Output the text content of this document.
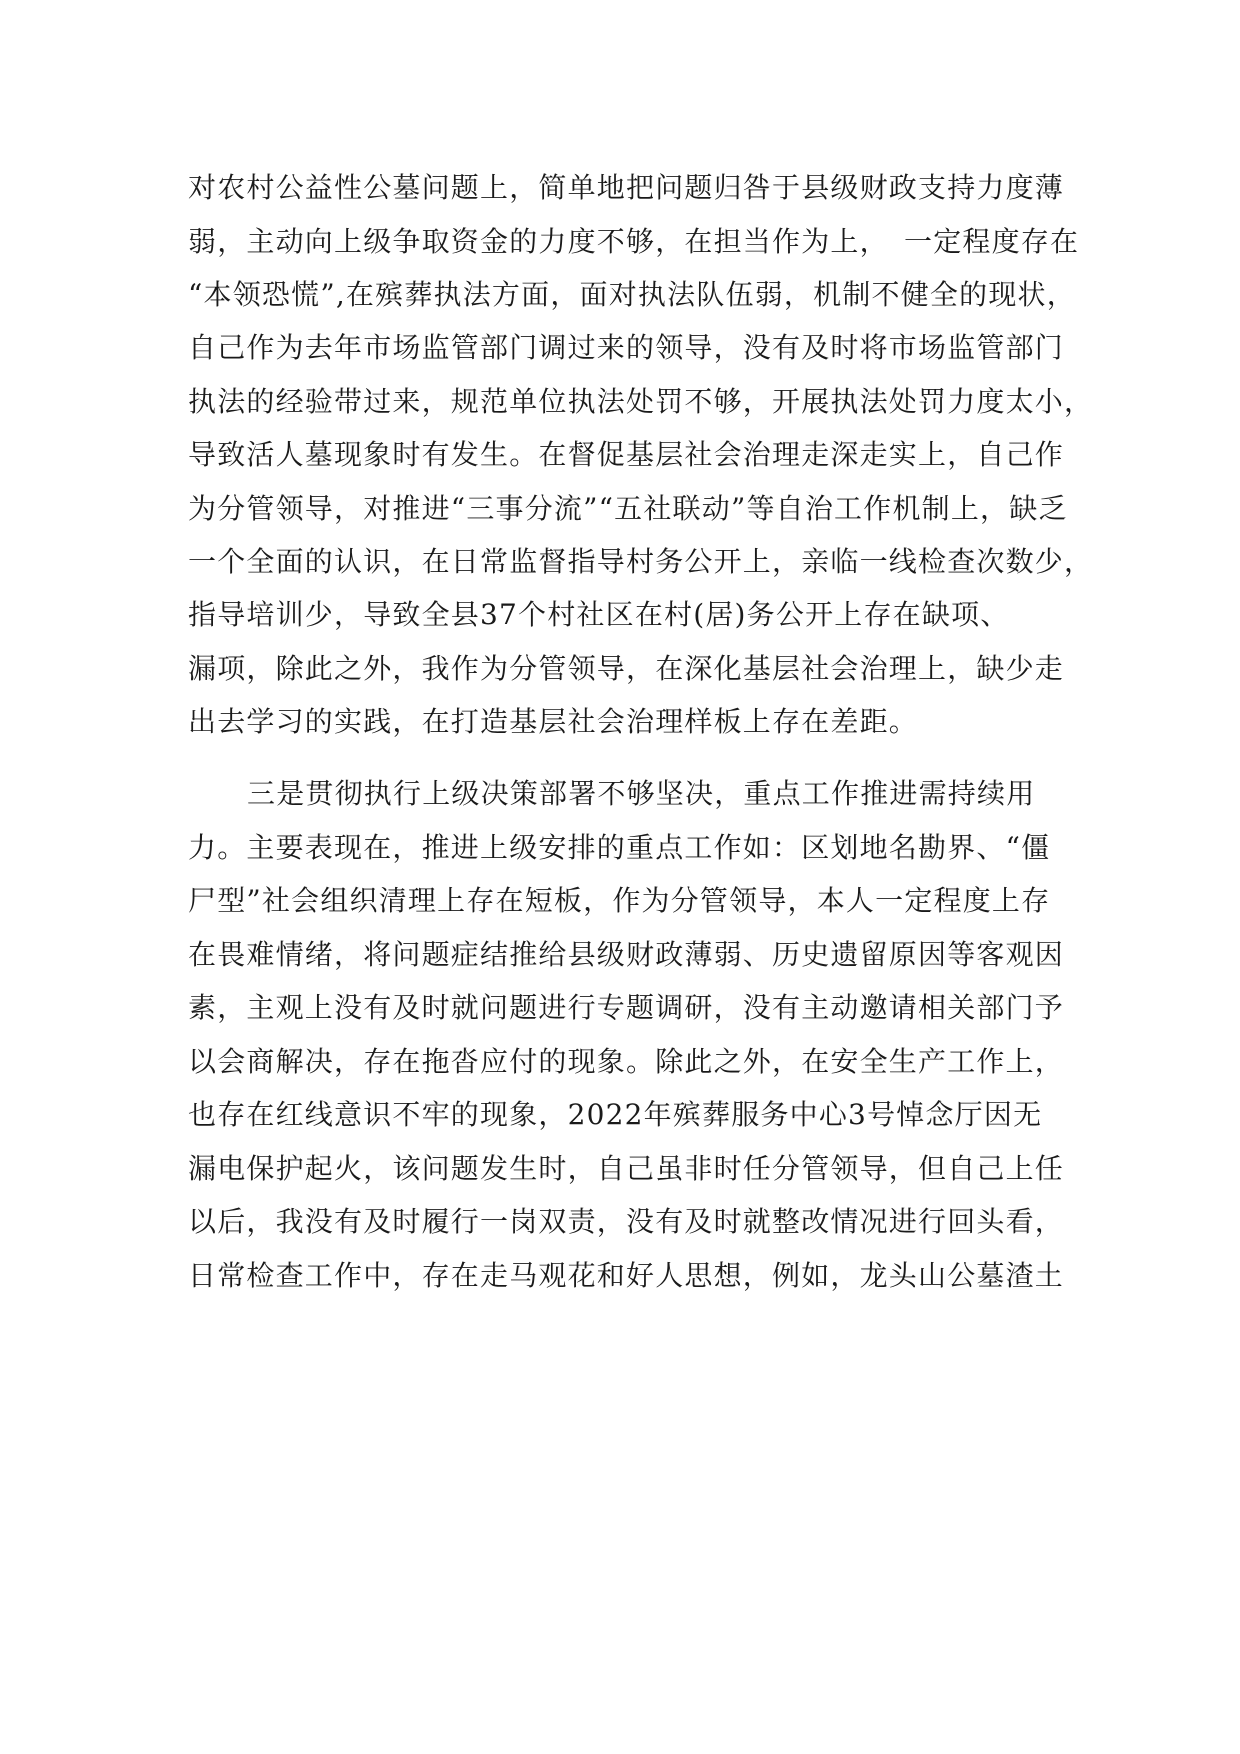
对农村公益性公墓问题上，简单地把问题归咎于县级财政支持力度薄
弱，主动向上级争取资金的力度不够，在担当作为上，　一定程度存在
“本领恐慌”,在殡葬执法方面，面对执法队伍弱，机制不健全的现状，
自己作为去年市场监管部门调过来的领导，没有及时将市场监管部门
执法的经验带过来，规范单位执法处罚不够，开展执法处罚力度太小，
导致活人墓现象时有发生。在督促基层社会治理走深走实上，自己作
为分管领导，对推进“三事分流”“五社联动”等自治工作机制上，缺乏
一个全面的认识，在日常监督指导村务公开上，亲临一线检查次数少，
指导培训少，导致全县37个村社区在村(居)务公开上存在缺项、
漏项，除此之外，我作为分管领导，在深化基层社会治理上，缺少走
出去学习的实践，在打造基层社会治理样板上存在差距。
三是贯彻执行上级决策部署不够坚决，重点工作推进需持续用
力。主要表现在，推进上级安排的重点工作如：区划地名勘界、“僵
尸型”社会组织清理上存在短板，作为分管领导，本人一定程度上存
在畏难情绪，将问题症结推给县级财政薄弱、历史遗留原因等客观因
素，主观上没有及时就问题进行专题调研，没有主动邀请相关部门予
以会商解决，存在拖沓应付的现象。除此之外，在安全生产工作上，
也存在红线意识不牢的现象，2022年殡葬服务中心3号悼念厅因无
漏电保护起火，该问题发生时，自己虽非时任分管领导，但自己上任
以后，我没有及时履行一岗双责，没有及时就整改情况进行回头看，
日常检查工作中，存在走马观花和好人思想，例如，龙头山公墓渣土
